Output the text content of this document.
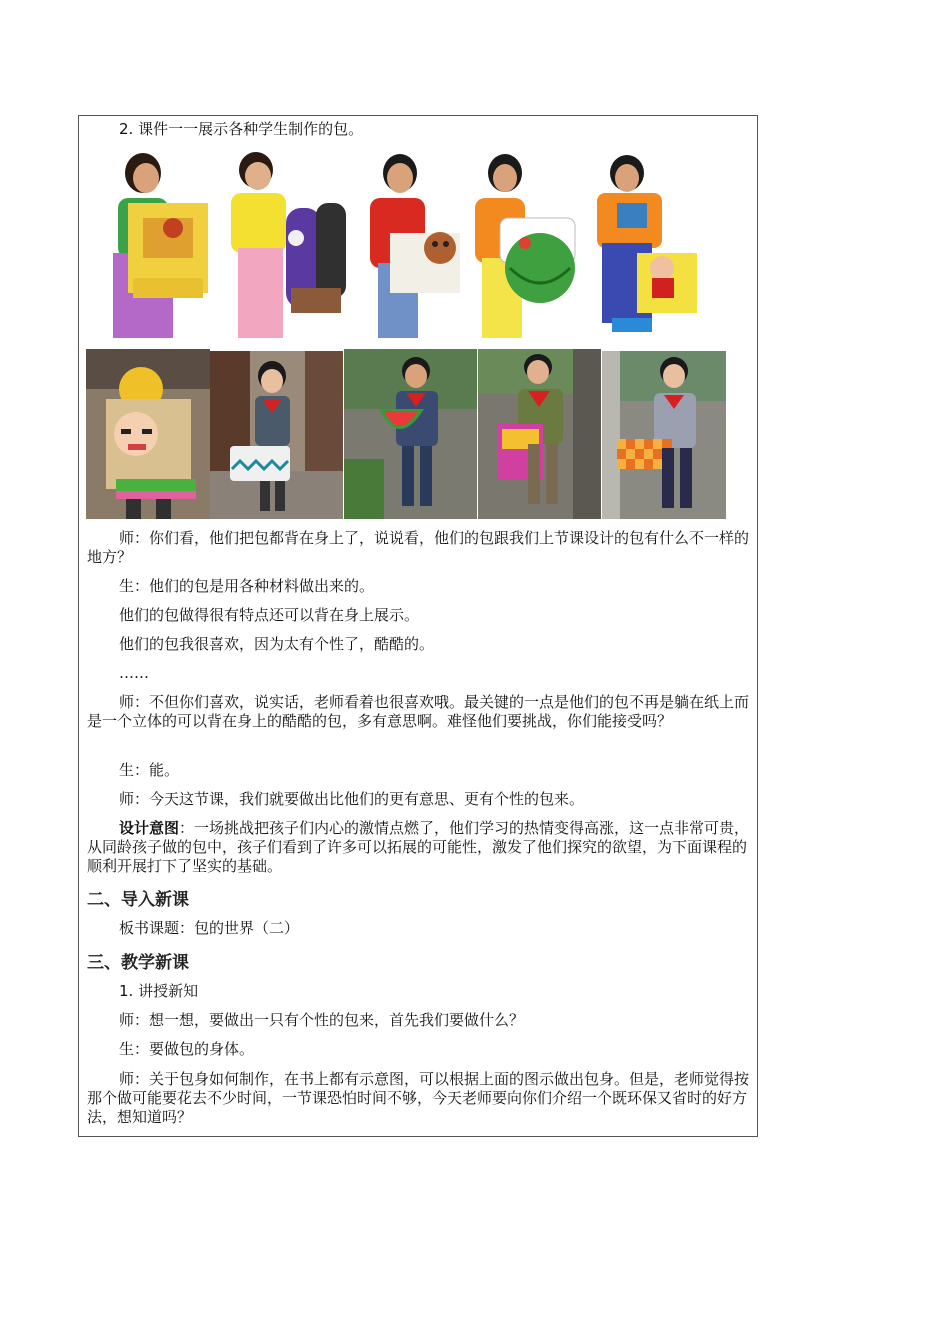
2. 课件一一展示各种学生制作的包。

师：你们看，他们把包都背在身上了，说说看，他们的包跟我们上节课设计的包有什么不一样的地方？

生：他们的包是用各种材料做出来的。

他们的包做得很有特点还可以背在身上展示。

他们的包我很喜欢，因为太有个性了，酷酷的。

……

师：不但你们喜欢，说实话，老师看着也很喜欢哦。最关键的一点是他们的包不再是躺在纸上而是一个立体的可以背在身上的酷酷的包，多有意思啊。难怪他们要挑战，你们能接受吗？

生：能。

师：今天这节课，我们就要做出比他们的更有意思、更有个性的包来。

设计意图：一场挑战把孩子们内心的激情点燃了，他们学习的热情变得高涨，这一点非常可贵，从同龄孩子做的包中，孩子们看到了许多可以拓展的可能性，激发了他们探究的欲望，为下面课程的顺利开展打下了坚实的基础。

二、导入新课

板书课题：包的世界（二）

三、教学新课

1. 讲授新知

师：想一想，要做出一只有个性的包来，首先我们要做什么？

生：要做包的身体。

师：关于包身如何制作，在书上都有示意图，可以根据上面的图示做出包身。但是，老师觉得按那个做可能要花去不少时间，一节课恐怕时间不够，今天老师要向你们介绍一个既环保又省时的好方法，想知道吗？
